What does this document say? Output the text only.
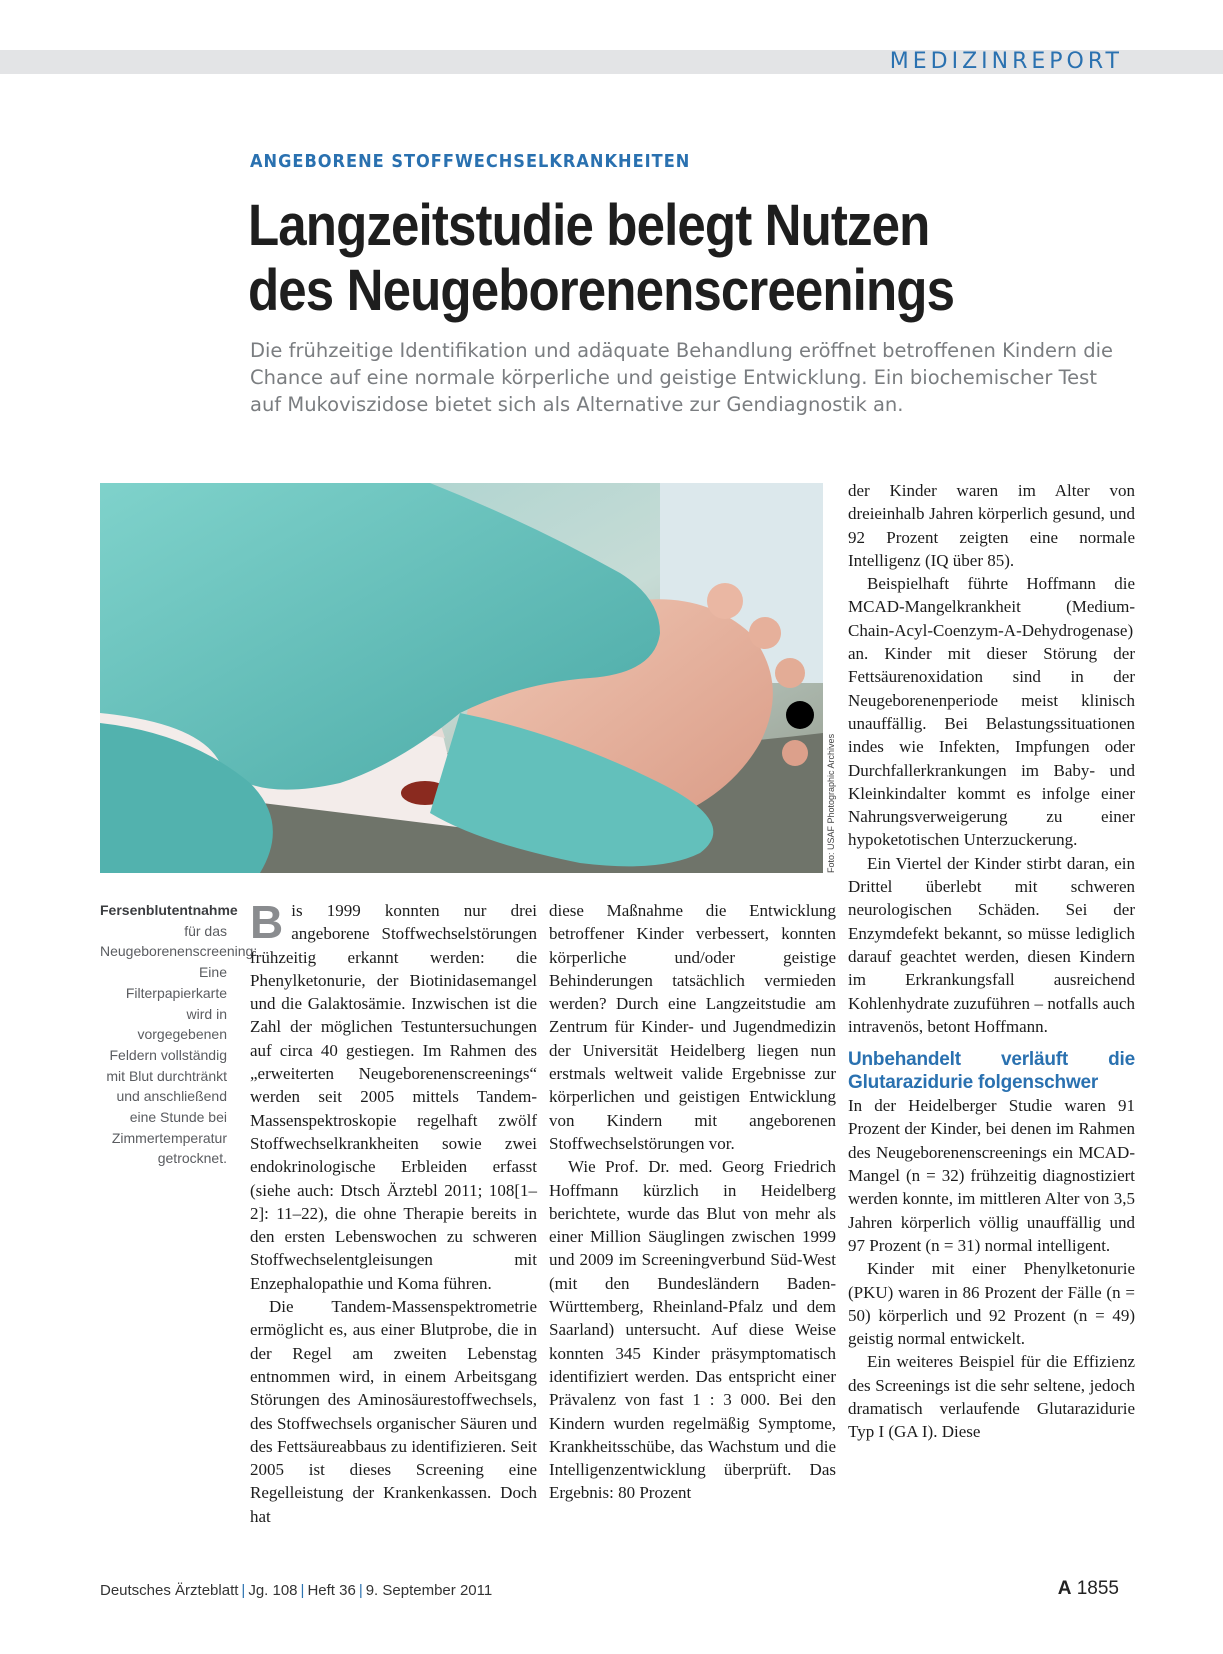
MEDIZINREPORT
ANGEBORENE STOFFWECHSELKRANKHEITEN
Langzeitstudie belegt Nutzen
des Neugeborenenscreenings

Die frühzeitige Identifikation und adäquate Behandlung eröffnet betroffenen Kindern die Chance auf eine normale körperliche und geistige Entwicklung. Ein biochemischer Test auf Mukoviszidose bietet sich als Alternative zur Gendiagnostik an.

Foto: USAF Photographic Archives

Fersenblutentnahme für das Neugeborenenscreening: Eine Filterpapierkarte wird in vorgegebenen Feldern vollständig mit Blut durchtränkt und anschließend eine Stunde bei Zimmertemperatur getrocknet.

Bis 1999 konnten nur drei angeborene Stoffwechselstörungen frühzeitig erkannt werden: die Phenylketonurie, der Biotinidasemangel und die Galaktosämie. Inzwischen ist die Zahl der möglichen Testuntersuchungen auf circa 40 gestiegen. Im Rahmen des „erweiterten Neugeborenenscreenings“ werden seit 2005 mittels Tandem-Massenspektroskopie regelhaft zwölf Stoffwechselkrankheiten sowie zwei endokrinologische Erbleiden erfasst (siehe auch: Dtsch Ärztebl 2011; 108[1–2]: 11–22), die ohne Therapie bereits in den ersten Lebenswochen zu schweren Stoffwechselentgleisungen mit Enzephalopathie und Koma führen.

Die Tandem-Massenspektrometrie ermöglicht es, aus einer Blutprobe, die in der Regel am zweiten Lebenstag entnommen wird, in einem Arbeitsgang Störungen des Aminosäurestoffwechsels, des Stoffwechsels organischer Säuren und des Fettsäureabbaus zu identifizieren. Seit 2005 ist dieses Screening eine Regelleistung der Krankenkassen. Doch hat

diese Maßnahme die Entwicklung betroffener Kinder verbessert, konnten körperliche und/oder geistige Behinderungen tatsächlich vermieden werden? Durch eine Langzeitstudie am Zentrum für Kinder- und Jugendmedizin der Universität Heidelberg liegen nun erstmals weltweit valide Ergebnisse zur körperlichen und geistigen Entwicklung von Kindern mit angeborenen Stoffwechselstörungen vor.

Wie Prof. Dr. med. Georg Friedrich Hoffmann kürzlich in Heidelberg berichtete, wurde das Blut von mehr als einer Million Säuglingen zwischen 1999 und 2009 im Screeningverbund Süd-West (mit den Bundesländern Baden-Württemberg, Rheinland-Pfalz und dem Saarland) untersucht. Auf diese Weise konnten 345 Kinder präsymptomatisch identifiziert werden. Das entspricht einer Prävalenz von fast 1 : 3 000. Bei den Kindern wurden regelmäßig Symptome, Krankheitsschübe, das Wachstum und die Intelligenzentwicklung überprüft. Das Ergebnis: 80 Prozent

der Kinder waren im Alter von dreieinhalb Jahren körperlich gesund, und 92 Prozent zeigten eine normale Intelligenz (IQ über 85).

Beispielhaft führte Hoffmann die MCAD-Mangelkrankheit (Medium-Chain-Acyl-Coenzym-A-Dehydrogenase) an. Kinder mit dieser Störung der Fettsäurenoxidation sind in der Neugeborenenperiode meist klinisch unauffällig. Bei Belastungssituationen indes wie Infekten, Impfungen oder Durchfallerkrankungen im Baby- und Kleinkindalter kommt es infolge einer Nahrungsverweigerung zu einer hypoketotischen Unterzuckerung.

Ein Viertel der Kinder stirbt daran, ein Drittel überlebt mit schweren neurologischen Schäden. Sei der Enzymdefekt bekannt, so müsse lediglich darauf geachtet werden, diesen Kindern im Erkrankungsfall ausreichend Kohlenhydrate zuzuführen – notfalls auch intravenös, betont Hoffmann.

Unbehandelt verläuft die Glutarazidurie folgenschwer

In der Heidelberger Studie waren 91 Prozent der Kinder, bei denen im Rahmen des Neugeborenenscreenings ein MCAD-Mangel (n = 32) frühzeitig diagnostiziert werden konnte, im mittleren Alter von 3,5 Jahren körperlich völlig unauffällig und 97 Prozent (n = 31) normal intelligent.

Kinder mit einer Phenylketonurie (PKU) waren in 86 Prozent der Fälle (n = 50) körperlich und 92 Prozent (n = 49) geistig normal entwickelt.

Ein weiteres Beispiel für die Effizienz des Screenings ist die sehr seltene, jedoch dramatisch verlaufende Glutarazidurie Typ I (GA I). Diese

Deutsches Ärzteblatt | Jg. 108 | Heft 36 | 9. September 2011	A 1855
